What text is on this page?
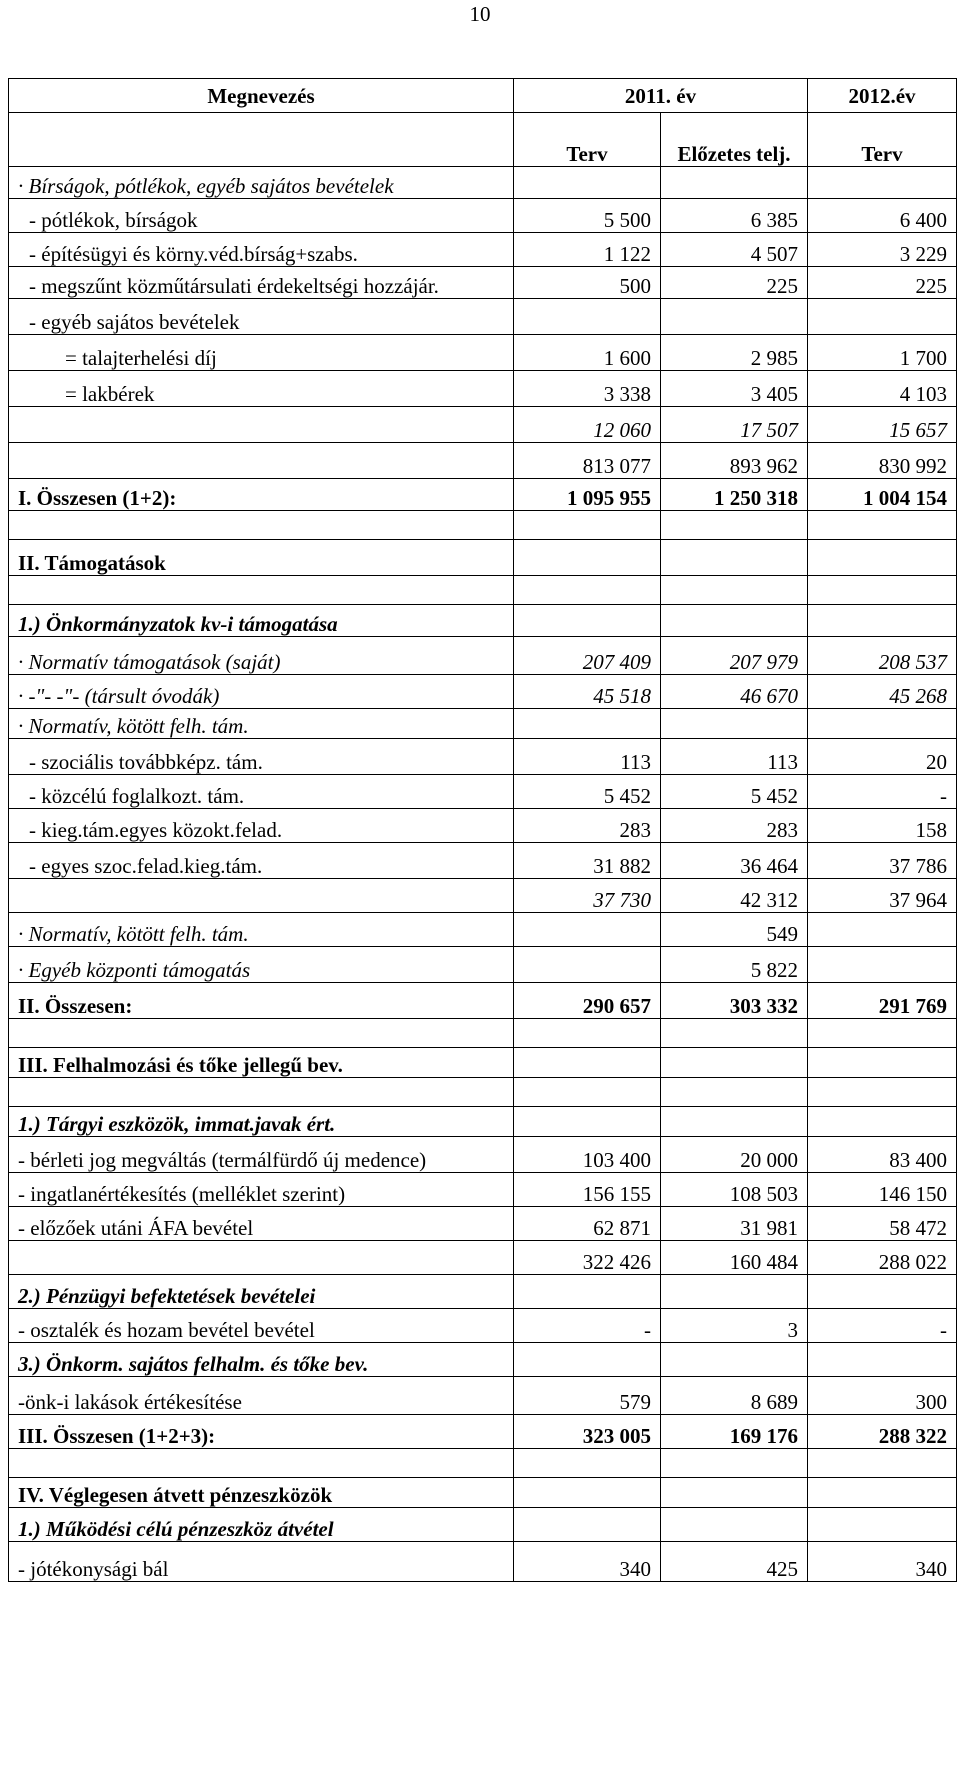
10
Megnevezés	2011. év		2012.év
	Terv	Előzetes telj.	Terv
· Bírságok, pótlékok, egyéb sajátos bevételek			
- pótlékok, bírságok	5 500	6 385	6 400
- építésügyi és körny.véd.bírság+szabs.	1 122	4 507	3 229
- megszűnt közműtársulati érdekeltségi hozzájár.	500	225	225
- egyéb sajátos bevételek			
= talajterhelési díj	1 600	2 985	1 700
= lakbérek	3 338	3 405	4 103
	12 060	17 507	15 657
	813 077	893 962	830 992
I. Összesen (1+2):	1 095 955	1 250 318	1 004 154

II. Támogatások			

1.) Önkormányzatok kv-i támogatása			
· Normatív támogatások (saját)	207 409	207 979	208 537
· -"- -"- (társult óvodák)	45 518	46 670	45 268
· Normatív, kötött felh. tám.			
- szociális továbbképz. tám.	113	113	20
- közcélú foglalkozt. tám.	5 452	5 452	-
- kieg.tám.egyes közokt.felad.	283	283	158
- egyes szoc.felad.kieg.tám.	31 882	36 464	37 786
	37 730	42 312	37 964
· Normatív, kötött felh. tám.		549	
· Egyéb központi támogatás		5 822	
II. Összesen:	290 657	303 332	291 769

III. Felhalmozási és tőke jellegű bev.			

1.) Tárgyi eszközök, immat.javak ért.			
- bérleti jog megváltás (termálfürdő új medence)	103 400	20 000	83 400
- ingatlanértékesítés (melléklet szerint)	156 155	108 503	146 150
- előzőek utáni ÁFA bevétel	62 871	31 981	58 472
	322 426	160 484	288 022
2.) Pénzügyi befektetések bevételei			
- osztalék és hozam bevétel bevétel	-	3	-
3.) Önkorm. sajátos felhalm. és tőke bev.			
-önk-i lakások értékesítése	579	8 689	300
III. Összesen (1+2+3):	323 005	169 176	288 322

IV. Véglegesen átvett pénzeszközök			
1.) Működési célú pénzeszköz átvétel			
- jótékonysági bál	340	425	340
